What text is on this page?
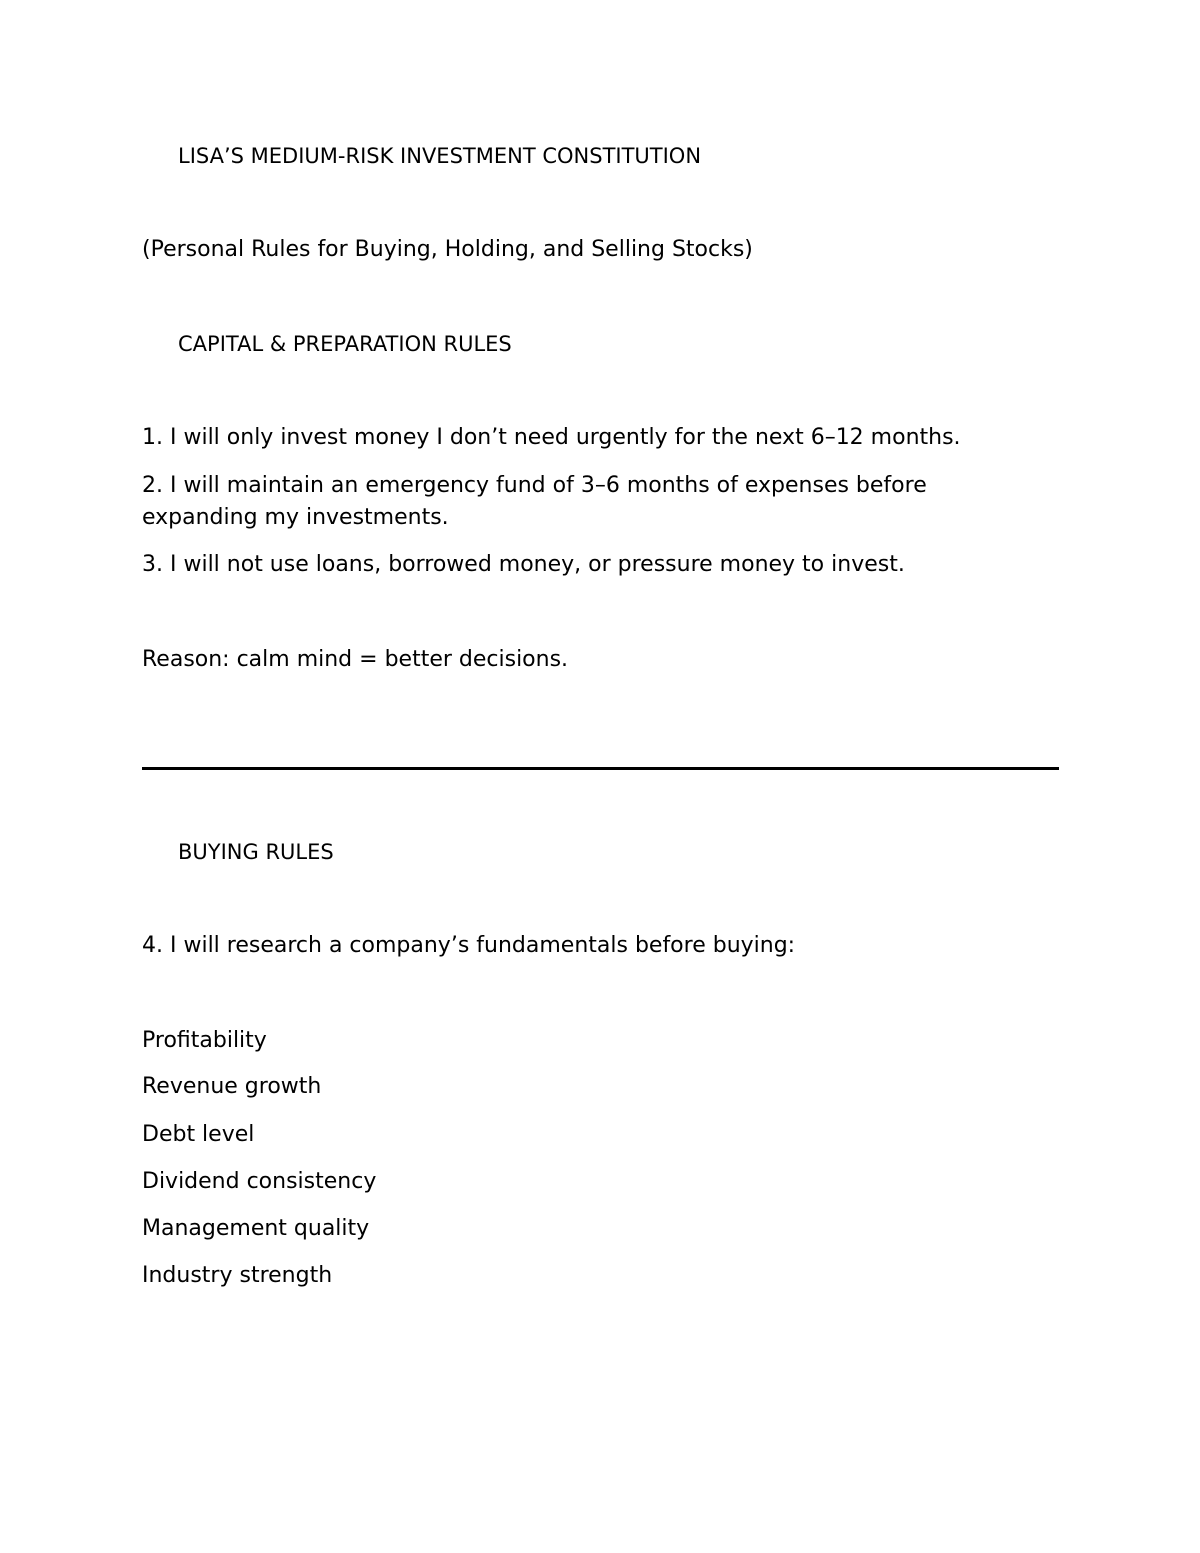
LISA’S MEDIUM-RISK INVESTMENT CONSTITUTION
(Personal Rules for Buying, Holding, and Selling Stocks)
CAPITAL & PREPARATION RULES
1. I will only invest money I don’t need urgently for the next 6–12 months.
2. I will maintain an emergency fund of 3–6 months of expenses before expanding my investments.
3. I will not use loans, borrowed money, or pressure money to invest.
Reason: calm mind = better decisions.
BUYING RULES
4. I will research a company’s fundamentals before buying:
Profitability
Revenue growth
Debt level
Dividend consistency
Management quality
Industry strength
